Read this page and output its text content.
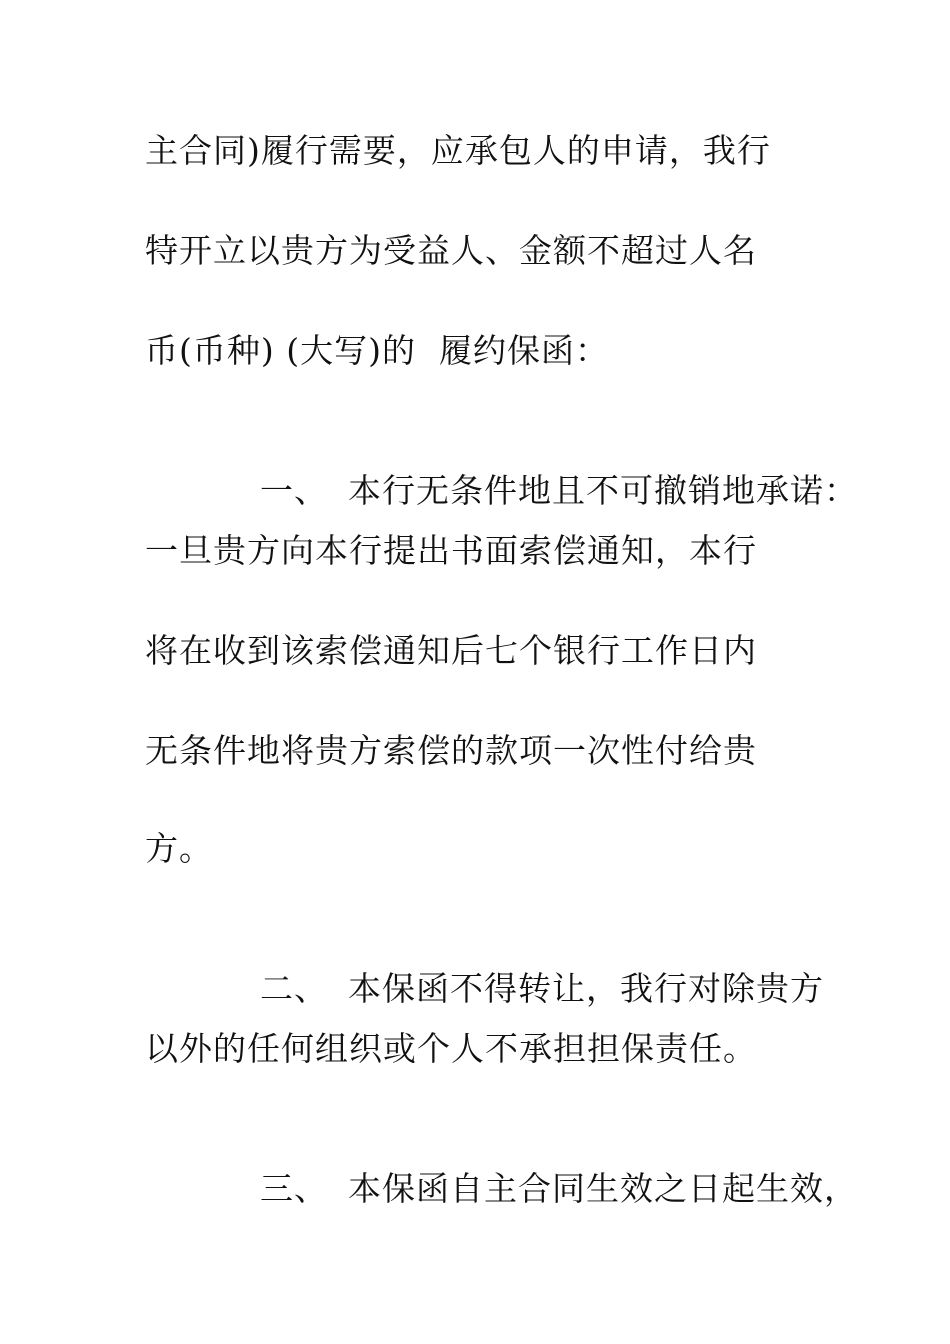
主合同)履行需要，应承包人的申请，我行
特开立以贵方为受益人、金额不超过人名
币(币种) (大写)的  履约保函：

一、 本行无条件地且不可撤销地承诺：

一旦贵方向本行提出书面索偿通知，本行
将在收到该索偿通知后七个银行工作日内
无条件地将贵方索偿的款项一次性付给贵
方。

二、 本保函不得转让，我行对除贵方

以外的任何组织或个人不承担担保责任。

三、 本保函自主合同生效之日起生效，
